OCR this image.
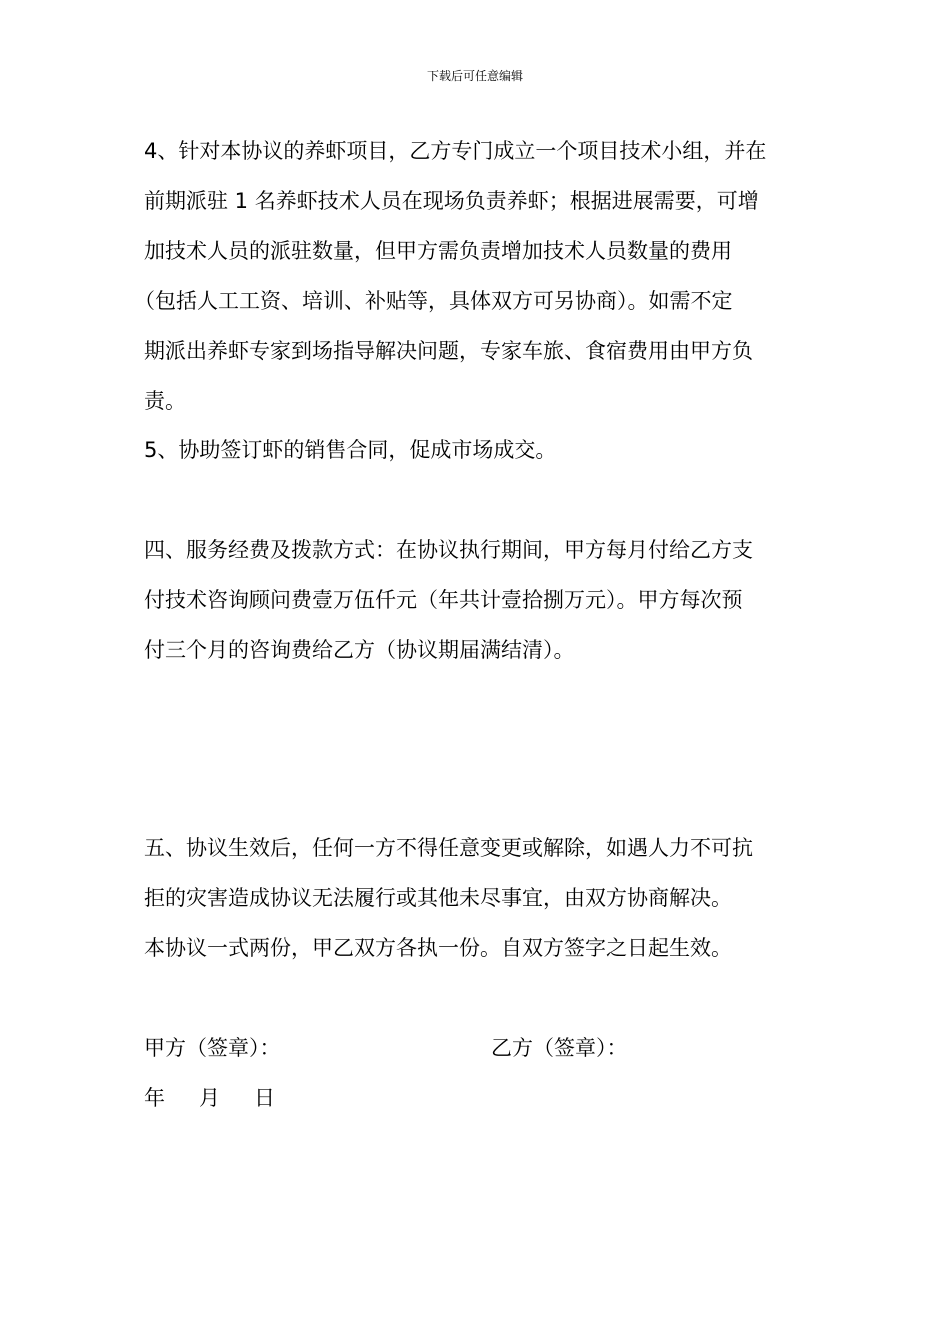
下载后可任意编辑
4、针对本协议的养虾项目，乙方专门成立一个项目技术小组，并在
前期派驻 1 名养虾技术人员在现场负责养虾；根据进展需要，可增
加技术人员的派驻数量，但甲方需负责增加技术人员数量的费用
（包括人工工资、培训、补贴等，具体双方可另协商）。如需不定
期派出养虾专家到场指导解决问题，专家车旅、食宿费用由甲方负
责。
5、协助签订虾的销售合同，促成市场成交。
四、服务经费及拨款方式：在协议执行期间，甲方每月付给乙方支
付技术咨询顾问费壹万伍仟元（年共计壹拾捌万元）。甲方每次预
付三个月的咨询费给乙方（协议期届满结清）。
五、协议生效后，任何一方不得任意变更或解除，如遇人力不可抗
拒的灾害造成协议无法履行或其他未尽事宜，由双方协商解决。
本协议一式两份，甲乙双方各执一份。自双方签字之日起生效。
甲方（签章）：	乙方（签章）：
年 月 日
